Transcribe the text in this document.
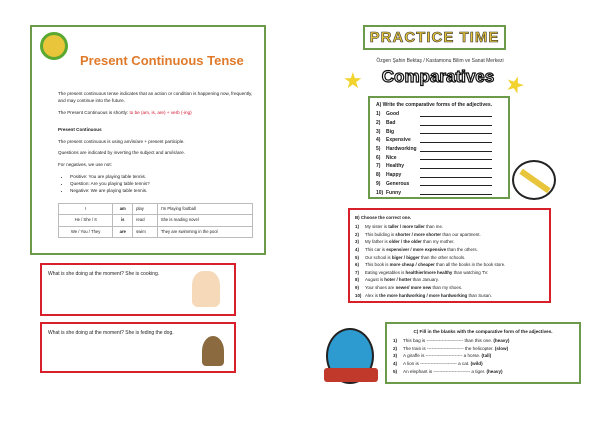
Present Continuous Tense

The present continuous tense indicates that an action or condition is happening now, frequently, and may continue into the future.

The Present Continuous is shortly: to be (am, is, are) + verb (-ing)

Present Continuous

The present continuous is using am/is/are + present participle.

Questions are indicated by inverting the subject and am/is/are.

For negatives, we use not:

• Positive: You are playing table tennis.
• Question: Are you playing table tennis?
• Negative: We are playing table tennis.
I	am	play	I'm Playing football
He / She / It	is	read	She is reading novel
We / You / They	are	swim	They are swimming in the pool
What is she doing at the moment? She is cooking.
What is she doing at the moment? She is feding the dog.
PRACTICE TIME
Özgen Şahin Bektaş / Kastamonu Bilim ve Sanat Merkezi
Comparatives
★	★
A) Write the comparative forms of the adjectives.
1)	Good
2)	Bad
3)	Big
4)	Expensive
5)	Hardworking
6)	Nice
7)	Healthy
8)	Happy
9)	Generous
10) Funny
B) Choose the correct one.
1)	My sister is taller / more taller than me.
2)	This building is shorter / more shorter than our apartment.
3)	My father is older / the older than my mother.
4)	This car is expensiver / more expensive than the others.
5)	Our school is biger / bigger than the other schools.
6)	This book is more cheap / cheaper than all the books in the book store.
7)	Eating vegetables is healthier/more healthy than watching TV.
8)	August is hoter / hotter than January.
9)	Your shoes are newer/ more new than my shoes.
10) Alex is the more hardworking / more hardworking than Susan.
C) Fill in the blanks with the comparative form of the adjectives.
1)	This bag is ------------------------ than this one.
(heavy)
2)	The train is ------------------------ the helicopter.
(slow)
3)	A giraffe is ------------------------ a horse.
(tall)
4)	A lion is ------------------------ a cat.
(wild)
5)	An elephant is ------------------------ a tiger.
(heavy)
